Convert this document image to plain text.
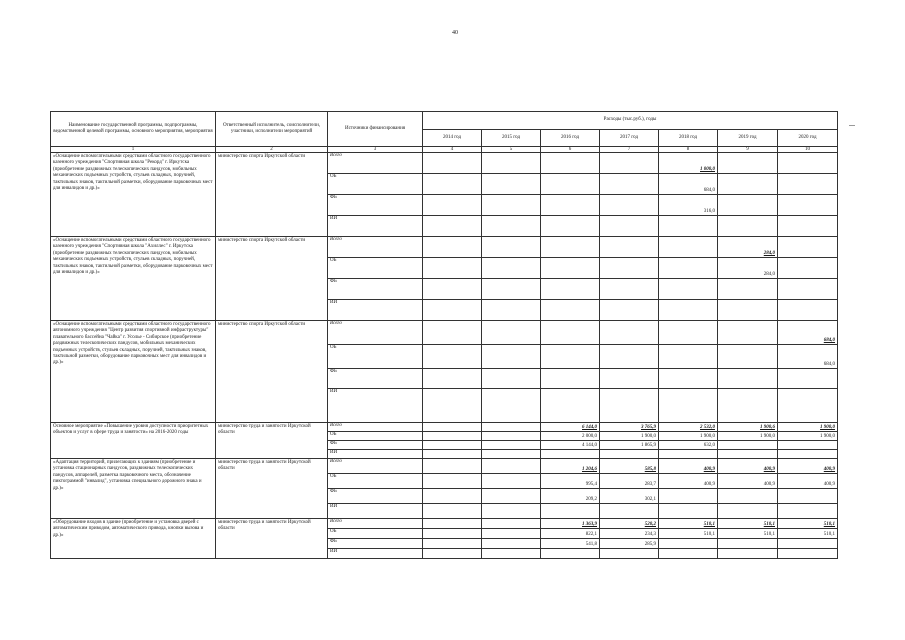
40
Наименование государственной программы, подпрограммы, ведомственной целевой программы, основного мероприятия, мероприятия	Ответственный исполнитель, соисполнители, участники, исполнители мероприятий	Источники финансирования	Расходы (тыс.руб.), годы						
			2014 год	2015 год	2016 год	2017 год	2018 год	2019 год	2020 год
1	2	3	4	5	6	7	8	9	10
«Оснащение вспомогательными средствами областного государственного казенного учреждения "Спортивная школа "Рекорд" г. Иркутска (приобретение раздвижных телескопических пандусов, мобильных механических подъемных устройств, стульев складных, поручней, тактильных знаков, тактильной разметки, оборудование парковочных мест для инвалидов и др.)»	министерство спорта Иркутской области	Всего					1 000,0		
		ОБ					684,0		
		ФБ					316,0		
		ИИ							
«Оснащение вспомогательными средствами областного государственного казенного учреждения "Спортивная школа "Ахиллес" г. Иркутска (приобретение раздвижных телескопических пандусов, мобильных механических подъемных устройств, стульев складных, поручней, тактильных знаков, тактильной разметки, оборудование парковочных мест для инвалидов и др.)»	министерство спорта Иркутской области	Всего						284,0	
		ОБ						284,0	
		ФБ							
		ИИ							
«Оснащение вспомогательными средствами областного государственного автономного учреждения "Центр развития спортивной инфраструктуры" плавательного бассейна "Чайка" г. Усолье - Сибирское (приобретение раздвижных телескопических пандусов, мобильных механических подъемных устройств, стульев складных, поручней, тактильных знаков, тактильной разметки, оборудование парковочных мест для инвалидов и др.)»	министерство спорта Иркутской области	Всего							684,0
		ОБ							684,0
		ФБ							
		ИИ							
Основное мероприятие «Повышение уровня доступности приоритетных объектов и услуг в сфере труда и занятости» на 2016-2020 годы	министерство труда и занятости Иркутской области	Всего			6 144,0	3 765,9	2 532,0	1 900,6	1 900,0
		ОБ			2 000,0	1 900,0	1 900,0	1 900,0	1 900,0
		ФБ			4 144,0	1 865,9	632,0		
		ИИ							
«Адаптация территорий, прилегающих к зданиям (приобретение и установка стационарных пандусов, раздвижных телескопических пандусов, аппарелей, разметка парковочного места, обозначение пиктограммой "инвалид", установка специального дорожного знака и др.)»	министерство труда и занятости Иркутской области	Всего			1 204,6	585,8	400,9	400,9	400,9
		ОБ			995,4	283,7	400,9	400,9	400,9
		ФБ			209,2	302,1			
		ИИ							
«Оборудование входов в здание (приобретение и установка дверей с автоматическим приводом, автоматического привода, кнопки вызова и др.)»	министерство труда и занятости Иркутской области	Всего			1 363,9	520,2	510,1	510,1	510,1
		ОБ			822,1	234,3	510,1	510,1	510,1
		ФБ			541,8	285,9			
		ИИ							
